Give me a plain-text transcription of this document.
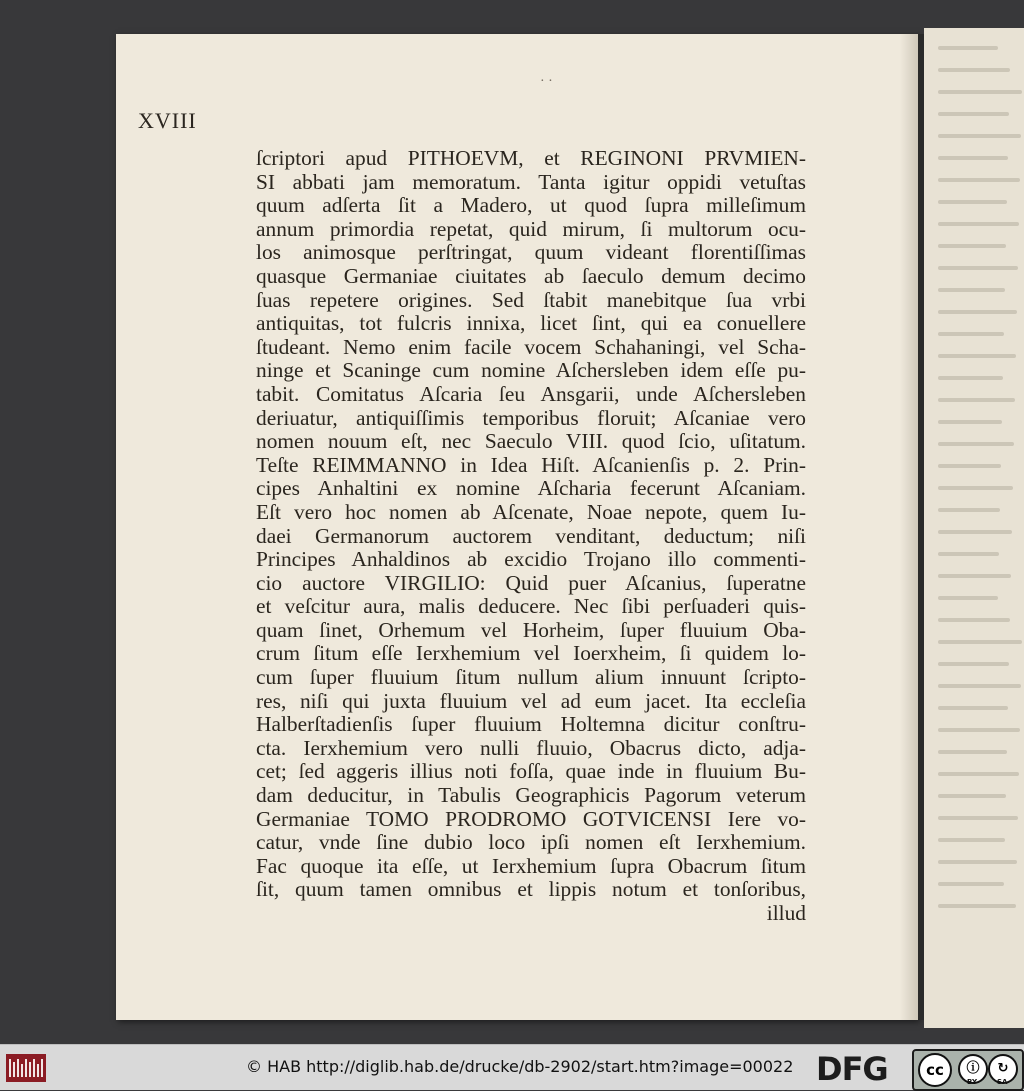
· ·
XVIII
ſcriptori apud PITHOEVM, et REGINONI PRVMIEN-
SI abbati jam memoratum. Tanta igitur oppidi vetuſtas
quum adſerta ſit a Madero, ut quod ſupra milleſimum
annum primordia repetat, quid mirum, ſi multorum ocu-
los animosque perſtringat, quum videant florentiſſimas
quasque Germaniae ciuitates ab ſaeculo demum decimo
ſuas repetere origines. Sed ſtabit manebitque ſua vrbi
antiquitas, tot fulcris innixa, licet ſint, qui ea conuellere
ſtudeant. Nemo enim facile vocem Schahaningi, vel Scha-
ninge et Scaninge cum nomine Aſchersleben idem eſſe pu-
tabit. Comitatus Aſcaria ſeu Ansgarii, unde Aſchersleben
deriuatur, antiquiſſimis temporibus floruit; Aſcaniae vero
nomen nouum eſt, nec Saeculo VIII. quod ſcio, uſitatum.
Teſte REIMMANNO in Idea Hiſt. Aſcanienſis p. 2. Prin-
cipes Anhaltini ex nomine Aſcharia fecerunt Aſcaniam.
Eſt vero hoc nomen ab Aſcenate, Noae nepote, quem Iu-
daei Germanorum auctorem venditant, deductum; niſi
Principes Anhaldinos ab excidio Trojano illo commenti-
cio auctore VIRGILIO: Quid puer Aſcanius, ſuperatne
et veſcitur aura, malis deducere. Nec ſibi perſuaderi quis-
quam ſinet, Orhemum vel Horheim, ſuper fluuium Oba-
crum ſitum eſſe Ierxhemium vel Ioerxheim, ſi quidem lo-
cum ſuper fluuium ſitum nullum alium innuunt ſcripto-
res, niſi qui juxta fluuium vel ad eum jacet. Ita eccleſia
Halberſtadienſis ſuper fluuium Holtemna dicitur conſtru-
cta. Ierxhemium vero nulli fluuio, Obacrus dicto, adja-
cet; ſed aggeris illius noti foſſa, quae inde in fluuium Bu-
dam deducitur, in Tabulis Geographicis Pagorum veterum
Germaniae TOMO PRODROMO GOTVICENSI Iere vo-
catur, vnde ſine dubio loco ipſi nomen eſt Ierxhemium.
Fac quoque ita eſſe, ut Ierxhemium ſupra Obacrum ſitum
ſit, quum tamen omnibus et lippis notum et tonſoribus,
illud
© HAB http://diglib.hab.de/drucke/db-2902/start.htm?image=00022 DFG	cc	ⓘ	↻
BY	SA
